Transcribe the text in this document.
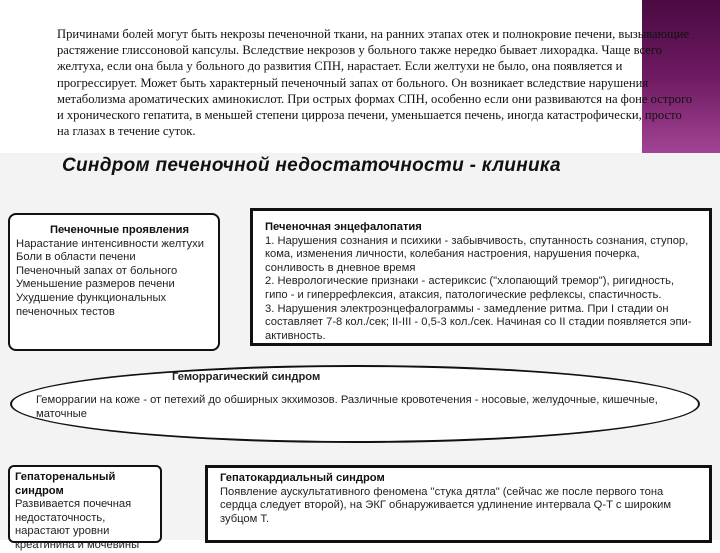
Причинами болей могут быть некрозы печеночной ткани, на ранних этапах отек и полнокровие печени, вызывающие растяжение глиссоновой капсулы. Вследствие некрозов у больного также нередко бывает лихорадка. Чаще всего желтуха, если она была у больного до развития СПН, нарастает. Если желтухи не было, она появляется и прогрессирует. Может быть характерный печеночный запах от больного. Он возникает вследствие нарушения метаболизма ароматических аминокислот. При острых формах СПН, особенно если они развиваются на фоне острого и хронического гепатита, в меньшей степени цирроза печени, уменьшается печень, иногда катастрофически, просто на глазах в течение суток.
Синдром печеночной недостаточности - клиника
Печеночные проявления
Нарастание интенсивности желтухи
Боли в области печени
Печеночный запах от больного
Уменьшение размеров печени
Ухудшение функциональных печеночных тестов
Печеночная энцефалопатия
1. Нарушения сознания и психики - забывчивость, спутанность сознания, ступор, кома, изменения личности, колебания настроения, нарушения почерка, сонливость в дневное время
2. Неврологические признаки - астериксис ("хлопающий тремор"), ригидность, гипо - и гиперрефлексия, атаксия, патологические рефлексы, спастичность.
3. Нарушения электроэнцефалограммы - замедление ритма. При I стадии он составляет 7-8 кол./сек; II-III - 0,5-3 кол./сек. Начиная со II стадии появляется эпи-активность.
Геморрагический синдром
Геморрагии на коже - от петехий до обширных экхимозов. Различные кровотечения - носовые, желудочные, кишечные, маточные
Гепаторенальный синдром
Развивается почечная недостаточность, нарастают уровни креатинина и мочевины
Гепатокардиальный синдром
Появление аускультативного феномена "стука дятла" (сейчас же после первого тона сердца следует второй), на ЭКГ обнаруживается удлинение интервала Q-T с широким зубцом T.
